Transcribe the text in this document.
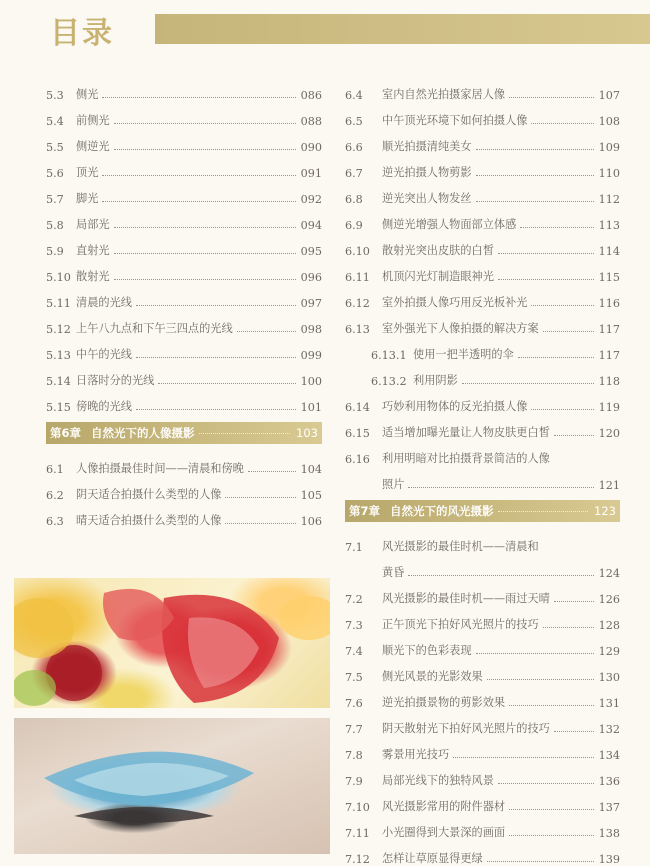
目录
5.3	侧光	086
5.4	前侧光	088
5.5	侧逆光	090
5.6	顶光	091
5.7	脚光	092
5.8	局部光	094
5.9	直射光	095
5.10 散射光	096
5.11 清晨的光线	097
5.12 上午八九点和下午三四点的光线	098
5.13 中午的光线	099
5.14 日落时分的光线	100
5.15 傍晚的光线	101
第6章 自然光下的人像摄影	103
6.1	人像拍摄最佳时间——清晨和傍晚	104
6.2	阴天适合拍摄什么类型的人像	105
6.3	晴天适合拍摄什么类型的人像	106
6.4	室内自然光拍摄家居人像	107
6.5	中午顶光环境下如何拍摄人像	108
6.6	顺光拍摄清纯美女	109
6.7	逆光拍摄人物剪影	110
6.8	逆光突出人物发丝	112
6.9	侧逆光增强人物面部立体感	113
6.10	散射光突出皮肤的白皙	114
6.11	机顶闪光灯制造眼神光	115
6.12	室外拍摄人像巧用反光板补光	116
6.13	室外强光下人像拍摄的解决方案	117
6.13.1 使用一把半透明的伞	117
6.13.2 利用阴影	118
6.14	巧妙利用物体的反光拍摄人像	119
6.15	适当增加曝光量让人物皮肤更白皙	120
6.16	利用明暗对比拍摄背景简洁的人像
照片	121
第7章 自然光下的风光摄影	123
7.1	风光摄影的最佳时机——清晨和
黄昏	124
7.2	风光摄影的最佳时机——雨过天晴	126
7.3	正午顶光下拍好风光照片的技巧	128
7.4	顺光下的色彩表现	129
7.5	侧光风景的光影效果	130
7.6	逆光拍摄景物的剪影效果	131
7.7	阴天散射光下拍好风光照片的技巧	132
7.8	雾景用光技巧	134
7.9	局部光线下的独特风景	136
7.10	风光摄影常用的附件器材	137
7.11	小光圈得到大景深的画面	138
7.12	怎样让草原显得更绿	139
